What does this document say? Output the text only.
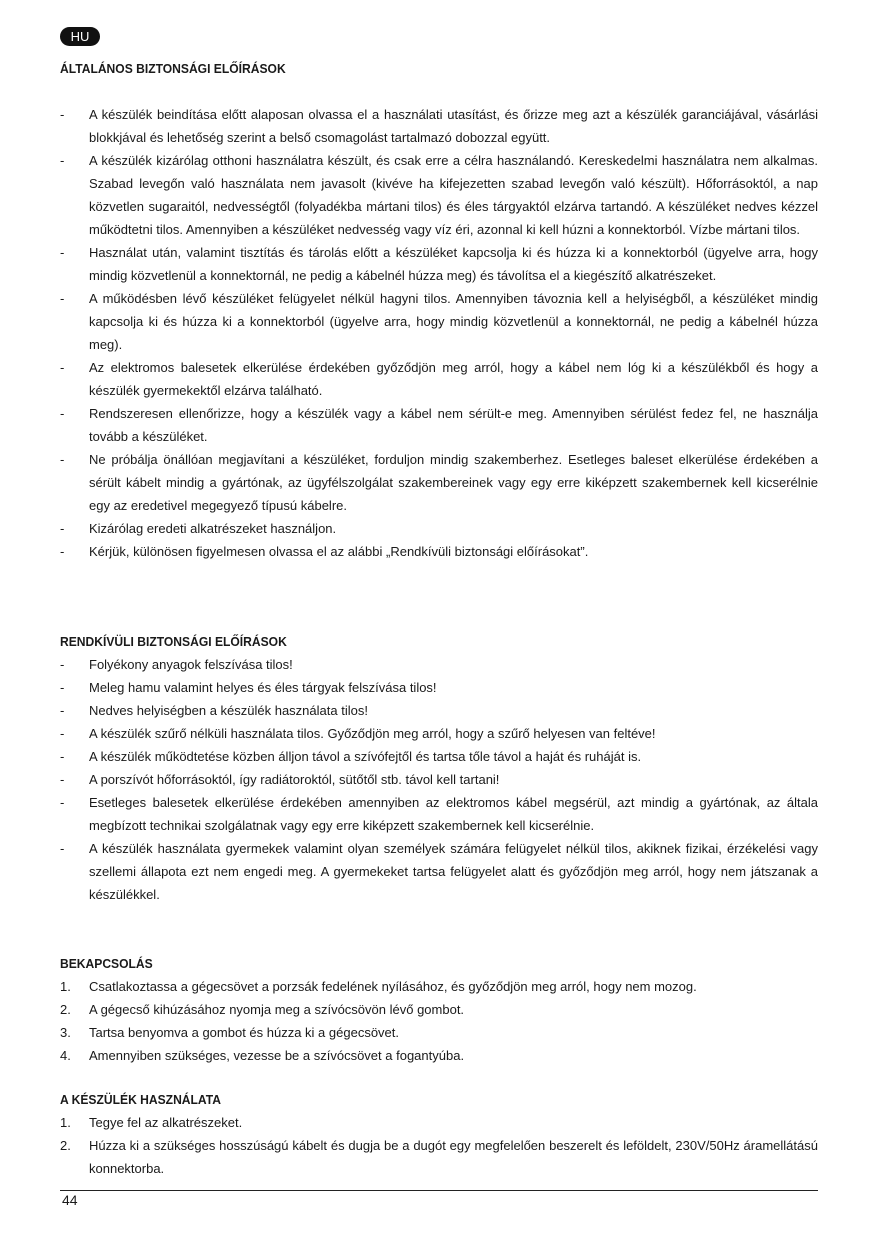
HU
ÁLTALÁNOS BIZTONSÁGI ELŐÍRÁSOK
- A készülék beindítása előtt alaposan olvassa el a használati utasítást, és őrizze meg azt a készülék garanciájával, vásárlási blokkjával és lehetőség szerint a belső csomagolást tartalmazó dobozzal együtt.
- A készülék kizárólag otthoni használatra készült, és csak erre a célra használandó. Kereskedelmi használatra nem alkalmas. Szabad levegőn való használata nem javasolt (kivéve ha kifejezetten szabad levegőn való készült). Hőforrásoktól, a nap közvetlen sugaraitól, nedvességtől (folyadékba mártani tilos) és éles tárgyaktól elzárva tartandó. A készüléket nedves kézzel működtetni tilos. Amennyiben a készüléket nedvesség vagy víz éri, azonnal ki kell húzni a konnektorból. Vízbe mártani tilos.
- Használat után, valamint tisztítás és tárolás előtt a készüléket kapcsolja ki és húzza ki a konnektorból (ügyelve arra, hogy mindig közvetlenül a konnektornál, ne pedig a kábelnél húzza meg) és távolítsa el a kiegészítő alkatrészeket.
- A működésben lévő készüléket felügyelet nélkül hagyni tilos. Amennyiben távoznia kell a helyiségből, a készüléket mindig kapcsolja ki és húzza ki a konnektorból (ügyelve arra, hogy mindig közvetlenül a konnektornál, ne pedig a kábelnél húzza meg).
- Az elektromos balesetek elkerülése érdekében győződjön meg arról, hogy a kábel nem lóg ki a készülékből és hogy a készülék gyermekektől elzárva található.
- Rendszeresen ellenőrizze, hogy a készülék vagy a kábel nem sérült-e meg. Amennyiben sérülést fedez fel, ne használja tovább a készüléket.
- Ne próbálja önállóan megjavítani a készüléket, forduljon mindig szakemberhez. Esetleges baleset elkerülése érdekében a sérült kábelt mindig a gyártónak, az ügyfélszolgálat szakembereinek vagy egy erre kiképzett szakembernek kell kicserélnie egy az eredetivel megegyező típusú kábelre.
- Kizárólag eredeti alkatrészeket használjon.
- Kérjük, különösen figyelmesen olvassa el az alábbi „Rendkívüli biztonsági előírásokat”.
RENDKÍVÜLI BIZTONSÁGI ELŐÍRÁSOK
- Folyékony anyagok felszívása tilos!
- Meleg hamu valamint helyes és éles tárgyak felszívása tilos!
- Nedves helyiségben a készülék használata tilos!
- A készülék szűrő nélküli használata tilos. Győződjön meg arról, hogy a szűrő helyesen van feltéve!
- A készülék működtetése közben álljon távol a szívófejtől és tartsa tőle távol a haját és ruháját is.
- A porszívót hőforrásoktól, így radiátoroktól, sütőtől stb. távol kell tartani!
- Esetleges balesetek elkerülése érdekében amennyiben az elektromos kábel megsérül, azt mindig a gyártónak, az általa megbízott technikai szolgálatnak vagy egy erre kiképzett szakembernek kell kicserélnie.
- A készülék használata gyermekek valamint olyan személyek számára felügyelet nélkül tilos, akiknek fizikai, érzékelési vagy szellemi állapota ezt nem engedi meg. A gyermekeket tartsa felügyelet alatt és győződjön meg arról, hogy nem játszanak a készülékkel.
BEKAPCSOLÁS
1. Csatlakoztassa a gégecsövet a porzsák fedelének nyílásához, és győződjön meg arról, hogy nem mozog.
2. A gégecső kihúzásához nyomja meg a szívócsövön lévő gombot.
3. Tartsa benyomva a gombot és húzza ki a gégecsövet.
4. Amennyiben szükséges, vezesse be a szívócsövet a fogantyúba.
A KÉSZÜLÉK HASZNÁLATA
1. Tegye fel az alkatrészeket.
2. Húzza ki a szükséges hosszúságú kábelt és dugja be a dugót egy megfelelően beszerelt és leföldelt, 230V/50Hz áramellátású konnektorba.
44
